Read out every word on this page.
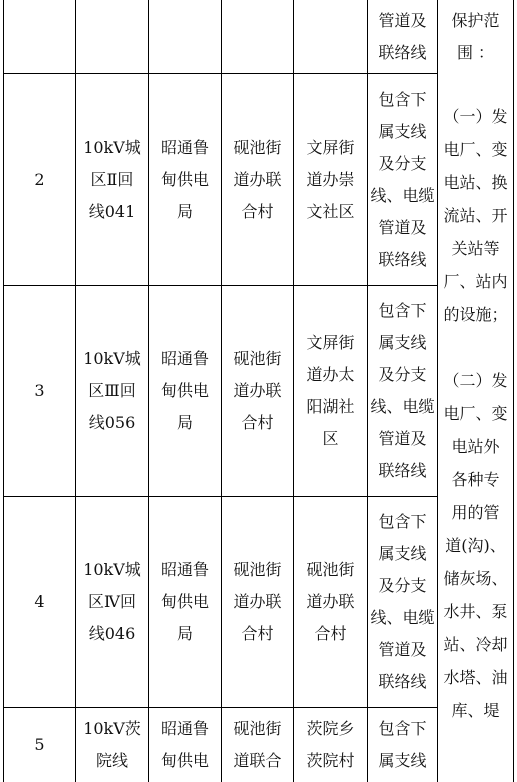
管道及
联络线
2
10kV城
区Ⅱ回
线041
昭通鲁
甸供电
局
砚池街
道办联
合村
文屏街
道办崇
文社区
包含下
属支线
及分支
线、电缆
管道及
联络线
3
10kV城
区Ⅲ回
线056
昭通鲁
甸供电
局
砚池街
道办联
合村
文屏街
道办太
阳湖社
区
包含下
属支线
及分支
线、电缆
管道及
联络线
4
10kV城
区Ⅳ回
线046
昭通鲁
甸供电
局
砚池街
道办联
合村
砚池街
道办联
合村
包含下
属支线
及分支
线、电缆
管道及
联络线
5
10kV茨
院线
昭通鲁
甸供电
砚池街
道联合
茨院乡
茨院村
包含下
属支线
保护范
围 ：
（一）发
电厂、变
电站、换
流站、开
关站等
厂、站内
的设施；

（二）发
电厂、变
电站外
各种专
用的管
道(沟)、
储灰场、
水井、泵
站、冷却
水塔、油
库、堤
